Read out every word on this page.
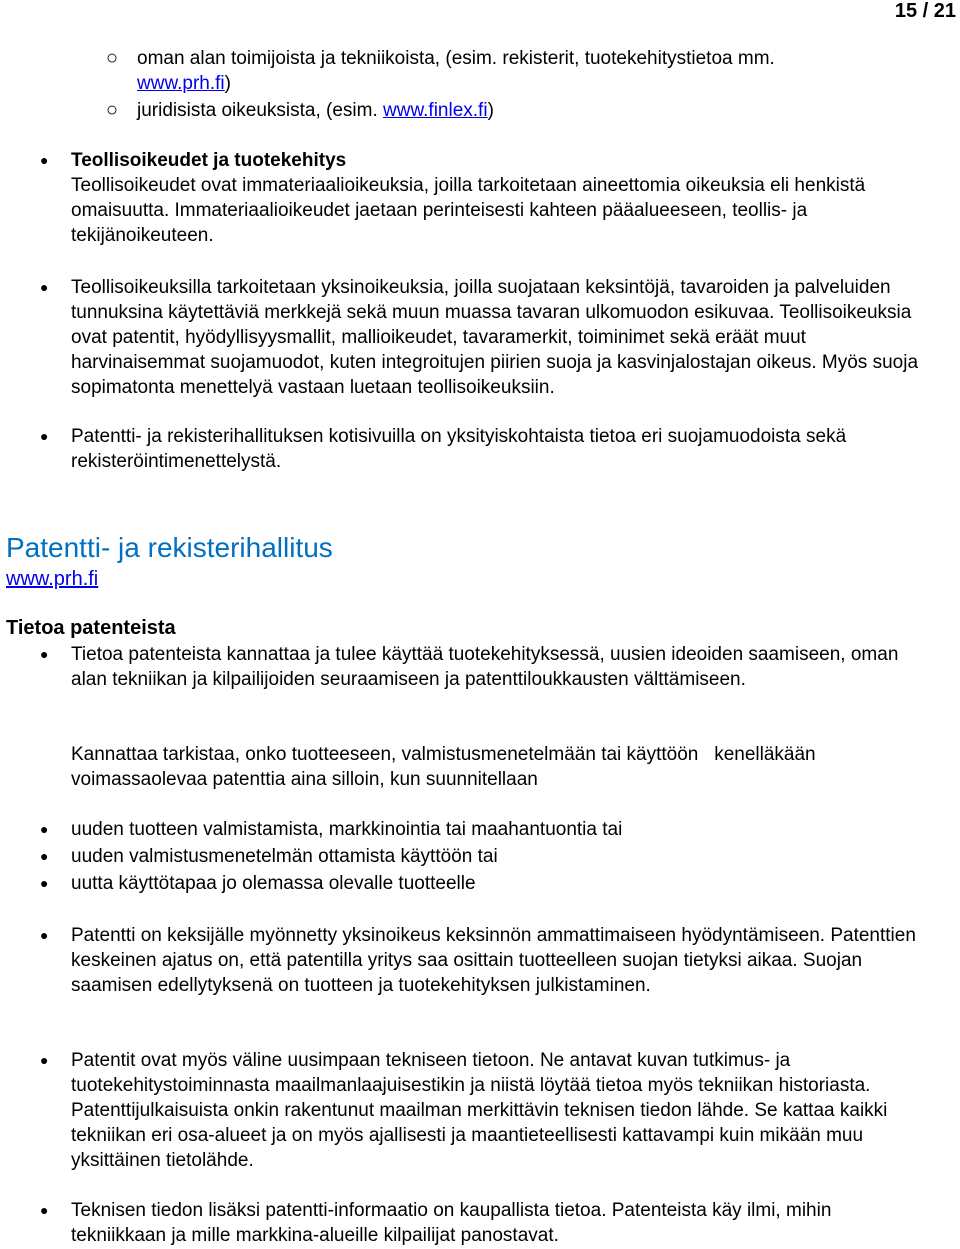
15 / 21
○ oman alan toimijoista ja tekniikoista, (esim. rekisterit, tuotekehitystietoa mm.
www.prh.fi)
○ juridisista oikeuksista, (esim. www.finlex.fi)
● Teollisoikeudet ja tuotekehitys
Teollisoikeudet ovat immateriaalioikeuksia, joilla tarkoitetaan aineettomia oikeuksia eli henkistä omaisuutta. Immateriaalioikeudet jaetaan perinteisesti kahteen pääalueeseen, teollis- ja tekijänoikeuteen.
● Teollisoikeuksilla tarkoitetaan yksinoikeuksia, joilla suojataan keksintöjä, tavaroiden ja palveluiden tunnuksina käytettäviä merkkejä sekä muun muassa tavaran ulkomuodon esikuvaa. Teollisoikeuksia ovat patentit, hyödyllisyysmallit, mallioikeudet, tavaramerkit, toiminimet sekä eräät muut harvinaisemmat suojamuodot, kuten integroitujen piirien suoja ja kasvinjalostajan oikeus. Myös suoja sopimatonta menettelyä vastaan luetaan teollisoikeuksiin.
● Patentti- ja rekisterihallituksen kotisivuilla on yksityiskohtaista tietoa eri suojamuodoista sekä rekisteröintimenettelystä.
Patentti- ja rekisterihallitus
www.prh.fi
Tietoa patenteista
● Tietoa patenteista kannattaa ja tulee käyttää tuotekehityksessä, uusien ideoiden saamiseen, oman alan tekniikan ja kilpailijoiden seuraamiseen ja patenttiloukkausten välttämiseen.
Kannattaa tarkistaa, onko tuotteeseen, valmistusmenetelmään tai käyttöön   kenelläkään voimassaolevaa patenttia aina silloin, kun suunnitellaan
● uuden tuotteen valmistamista, markkinointia tai maahantuontia tai
● uuden valmistusmenetelmän ottamista käyttöön tai
● uutta käyttötapaa jo olemassa olevalle tuotteelle
● Patentti on keksijälle myönnetty yksinoikeus keksinnön ammattimaiseen hyödyntämiseen. Patenttien keskeinen ajatus on, että patentilla yritys saa osittain tuotteelleen suojan tietyksi aikaa. Suojan saamisen edellytyksenä on tuotteen ja tuotekehityksen julkistaminen.
● Patentit ovat myös väline uusimpaan tekniseen tietoon. Ne antavat kuvan tutkimus- ja tuotekehitystoiminnasta maailmanlaajuisestikin ja niistä löytää tietoa myös tekniikan historiasta. Patenttijulkaisuista onkin rakentunut maailman merkittävin teknisen tiedon lähde. Se kattaa kaikki tekniikan eri osa-alueet ja on myös ajallisesti ja maantieteellisesti kattavampi kuin mikään muu yksittäinen tietolähde.
● Teknisen tiedon lisäksi patentti-informaatio on kaupallista tietoa. Patenteista käy ilmi, mihin tekniikkaan ja mille markkina-alueille kilpailijat panostavat.
